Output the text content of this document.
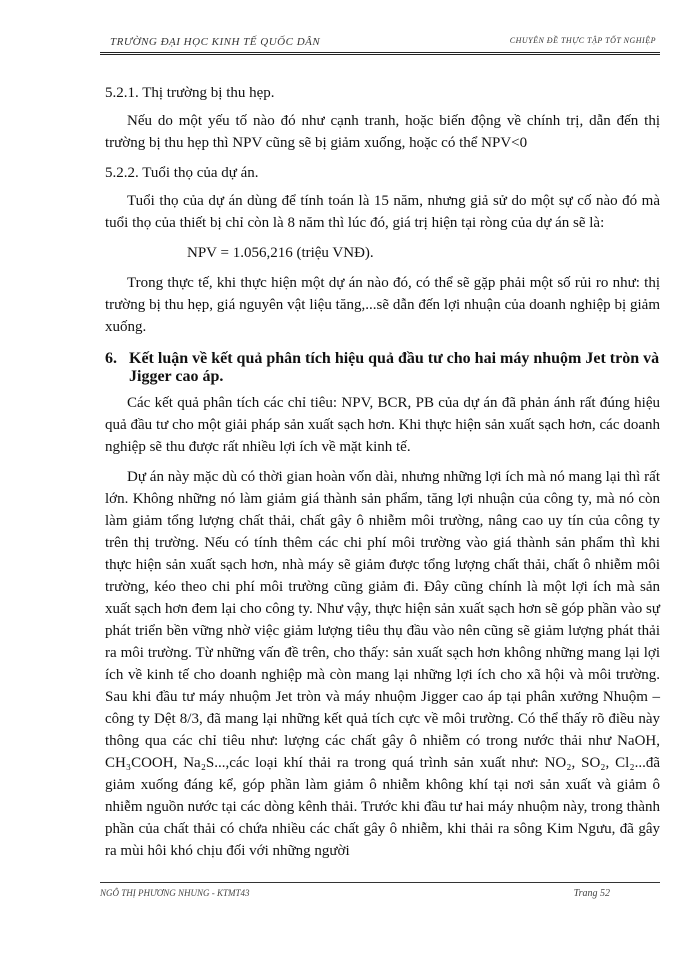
TRƯỜNG ĐẠI HỌC KINH TẾ QUỐC DÂN	CHUYÊN ĐỀ THỰC TẬP TỐT NGHIỆP

5.2.1. Thị trường bị thu hẹp.

Nếu do một yếu tố nào đó như cạnh tranh, hoặc biến động về chính trị, dẫn đến thị trường bị thu hẹp thì NPV cũng sẽ bị giảm xuống, hoặc có thể NPV<0

5.2.2. Tuổi thọ của dự án.

Tuổi thọ của dự án dùng để tính toán là 15 năm, nhưng giả sử do một sự cố nào đó mà tuổi thọ của thiết bị chỉ còn là 8 năm thì lúc đó, giá trị hiện tại ròng của dự án sẽ là:

NPV = 1.056,216 (triệu VNĐ).

Trong thực tế, khi thực hiện một dự án nào đó, có thể sẽ gặp phải một số rủi ro như: thị trường bị thu hẹp, giá nguyên vật liệu tăng,...sẽ dẫn đến lợi nhuận của doanh nghiệp bị giảm xuống.

6. Kết luận về kết quả phân tích hiệu quả đầu tư cho hai máy nhuộm Jet tròn và Jigger cao áp.

Các kết quả phân tích các chỉ tiêu: NPV, BCR, PB của dự án đã phản ánh rất đúng hiệu quả đầu tư cho một giải pháp sản xuất sạch hơn. Khi thực hiện sản xuất sạch hơn, các doanh nghiệp sẽ thu được rất nhiều lợi ích về mặt kinh tế.

Dự án này mặc dù có thời gian hoàn vốn dài, nhưng những lợi ích mà nó mang lại thì rất lớn. Không những nó làm giảm giá thành sản phẩm, tăng lợi nhuận của công ty, mà nó còn làm giảm tổng lượng chất thải, chất gây ô nhiễm môi trường, nâng cao uy tín của công ty trên thị trường. Nếu có tính thêm các chi phí môi trường vào giá thành sản phẩm thì khi thực hiện sản xuất sạch hơn, nhà máy sẽ giảm được tổng lượng chất thải, chất ô nhiễm môi trường, kéo theo chi phí môi trường cũng giảm đi. Đây cũng chính là một lợi ích mà sản xuất sạch hơn đem lại cho công ty. Như vậy, thực hiện sản xuất sạch hơn sẽ góp phần vào sự phát triển bền vững nhờ việc giảm lượng tiêu thụ đầu vào nên cũng sẽ giảm lượng phát thải ra môi trường. Từ những vấn đề trên, cho thấy: sản xuất sạch hơn không những mang lại lợi ích về kinh tế cho doanh nghiệp mà còn mang lại những lợi ích cho xã hội và môi trường. Sau khi đầu tư máy nhuộm Jet tròn và máy nhuộm Jigger cao áp tại phân xưởng Nhuộm – công ty Dệt 8/3, đã mang lại những kết quả tích cực về môi trường. Có thể thấy rõ điều này thông qua các chỉ tiêu như: lượng các chất gây ô nhiễm có trong nước thải như NaOH, CH₃COOH, Na₂S...,các loại khí thải ra trong quá trình sản xuất như: NO₂, SO₂, Cl₂...đã giảm xuống đáng kể, góp phần làm giảm ô nhiễm không khí tại nơi sản xuất và giảm ô nhiễm nguồn nước tại các dòng kênh thải. Trước khi đầu tư hai máy nhuộm này, trong thành phần của chất thải có chứa nhiều các chất gây ô nhiễm, khi thải ra sông Kim Ngưu, đã gây ra mùi hôi khó chịu đối với những người

NGÔ THỊ PHƯƠNG NHUNG - KTMT43	Trang 52
